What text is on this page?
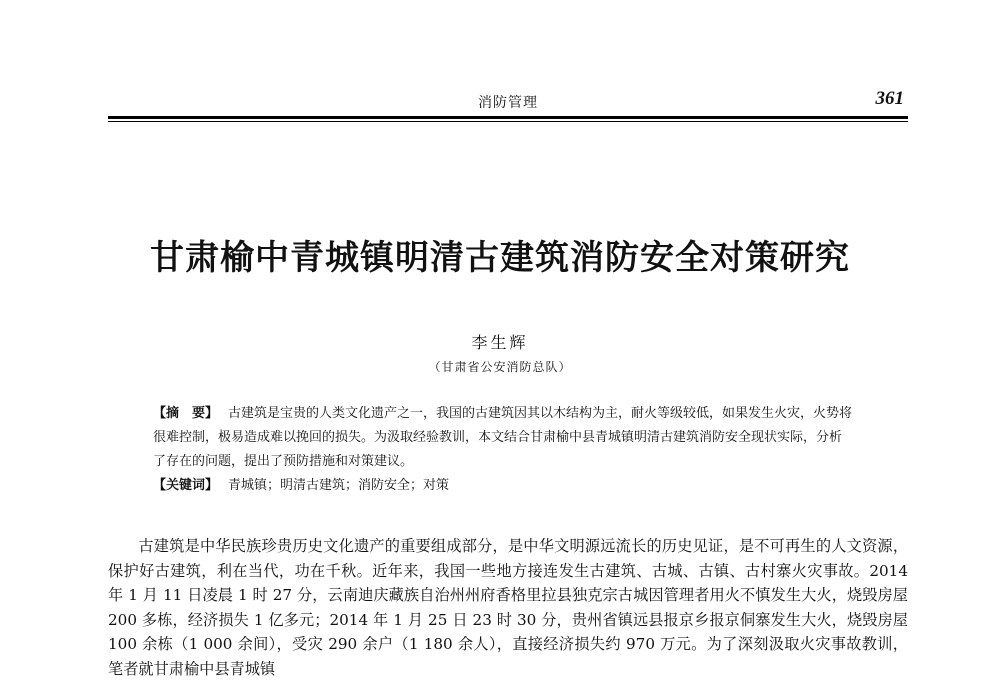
消防管理	361
甘肃榆中青城镇明清古建筑消防安全对策研究
李生辉
（甘肃省公安消防总队）

【摘　要】 古建筑是宝贵的人类文化遗产之一，我国的古建筑因其以木结构为主，耐火等级较低，如果发生火灾，火势将很难控制，极易造成难以挽回的损失。为汲取经验教训，本文结合甘肃榆中县青城镇明清古建筑消防安全现状实际，分析了存在的问题，提出了预防措施和对策建议。

【关键词】 青城镇；明清古建筑；消防安全；对策

古建筑是中华民族珍贵历史文化遗产的重要组成部分，是中华文明源远流长的历史见证，是不可再生的人文资源，保护好古建筑，利在当代，功在千秋。近年来，我国一些地方接连发生古建筑、古城、古镇、古村寨火灾事故。2014 年 1 月 11 日凌晨 1 时 27 分，云南迪庆藏族自治州州府香格里拉县独克宗古城因管理者用火不慎发生大火，烧毁房屋 200 多栋，经济损失 1 亿多元；2014 年 1 月 25 日 23 时 30 分，贵州省镇远县报京乡报京侗寨发生大火，烧毁房屋 100 余栋（1 000 余间），受灾 290 余户（1 180 余人），直接经济损失约 970 万元。为了深刻汲取火灾事故教训，笔者就甘肃榆中县青城镇
